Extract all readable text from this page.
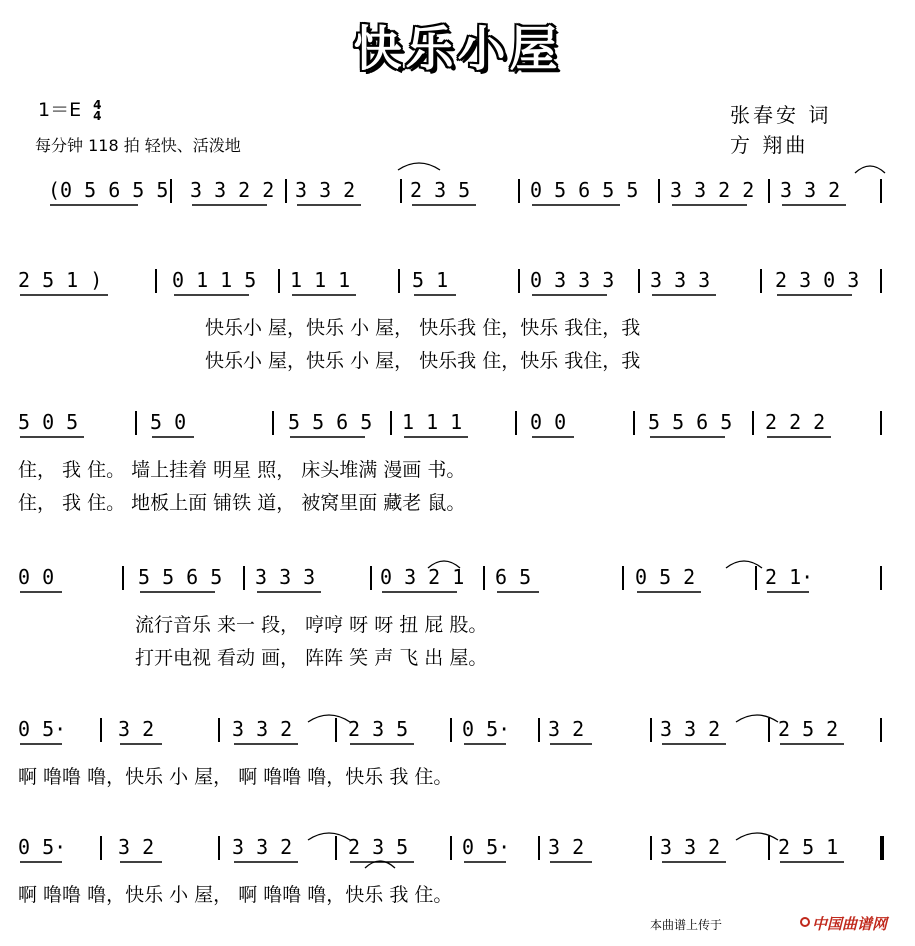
快乐小屋
1＝E 4
4
每分钟 118 拍 轻快、活泼地
张春安 词
方 翔曲
(0 5 6 5 5 3 3 2 2 3 3 2	2 3 5	0 5 6 5 5 3 3 2 2 3 3 2
2 5 1 )	0 1 1 5 1 1 1	5 1	0 3 3 3 3 3 3	2 3 0 3
快乐小 屋，快乐 小 屋， 快乐我 住，快乐 我住，我
快乐小 屋，快乐 小 屋， 快乐我 住，快乐 我住，我
5 0 5	5 0	5 5 6 5 1 1 1	0 0	5 5 6 5 2 2 2
住， 我 住。 墙上挂着 明星 照， 床头堆满 漫画 书。
住， 我 住。 地板上面 铺铁 道， 被窝里面 藏老 鼠。
0 0	5 5 6 5 3 3 3	0 3 2 1 6 5	0 5 2	2 1·
流行音乐 来一 段， 哼哼 呀 呀 扭 屁 股。
打开电视 看动 画， 阵阵 笑 声 飞 出 屋。
0 5·	3 2	3 3 2	2 3 5	0 5· 3 2	3 3 2	2 5 2
啊 噜噜 噜，快乐 小 屋， 啊 噜噜 噜，快乐 我 住。
0 5·	3 2	3 3 2	2 3 5	0 5· 3 2	3 3 2	2 5 1
啊 噜噜 噜，快乐 小 屋， 啊 噜噜 噜，快乐 我 住。
本曲谱上传于	中国曲谱网
